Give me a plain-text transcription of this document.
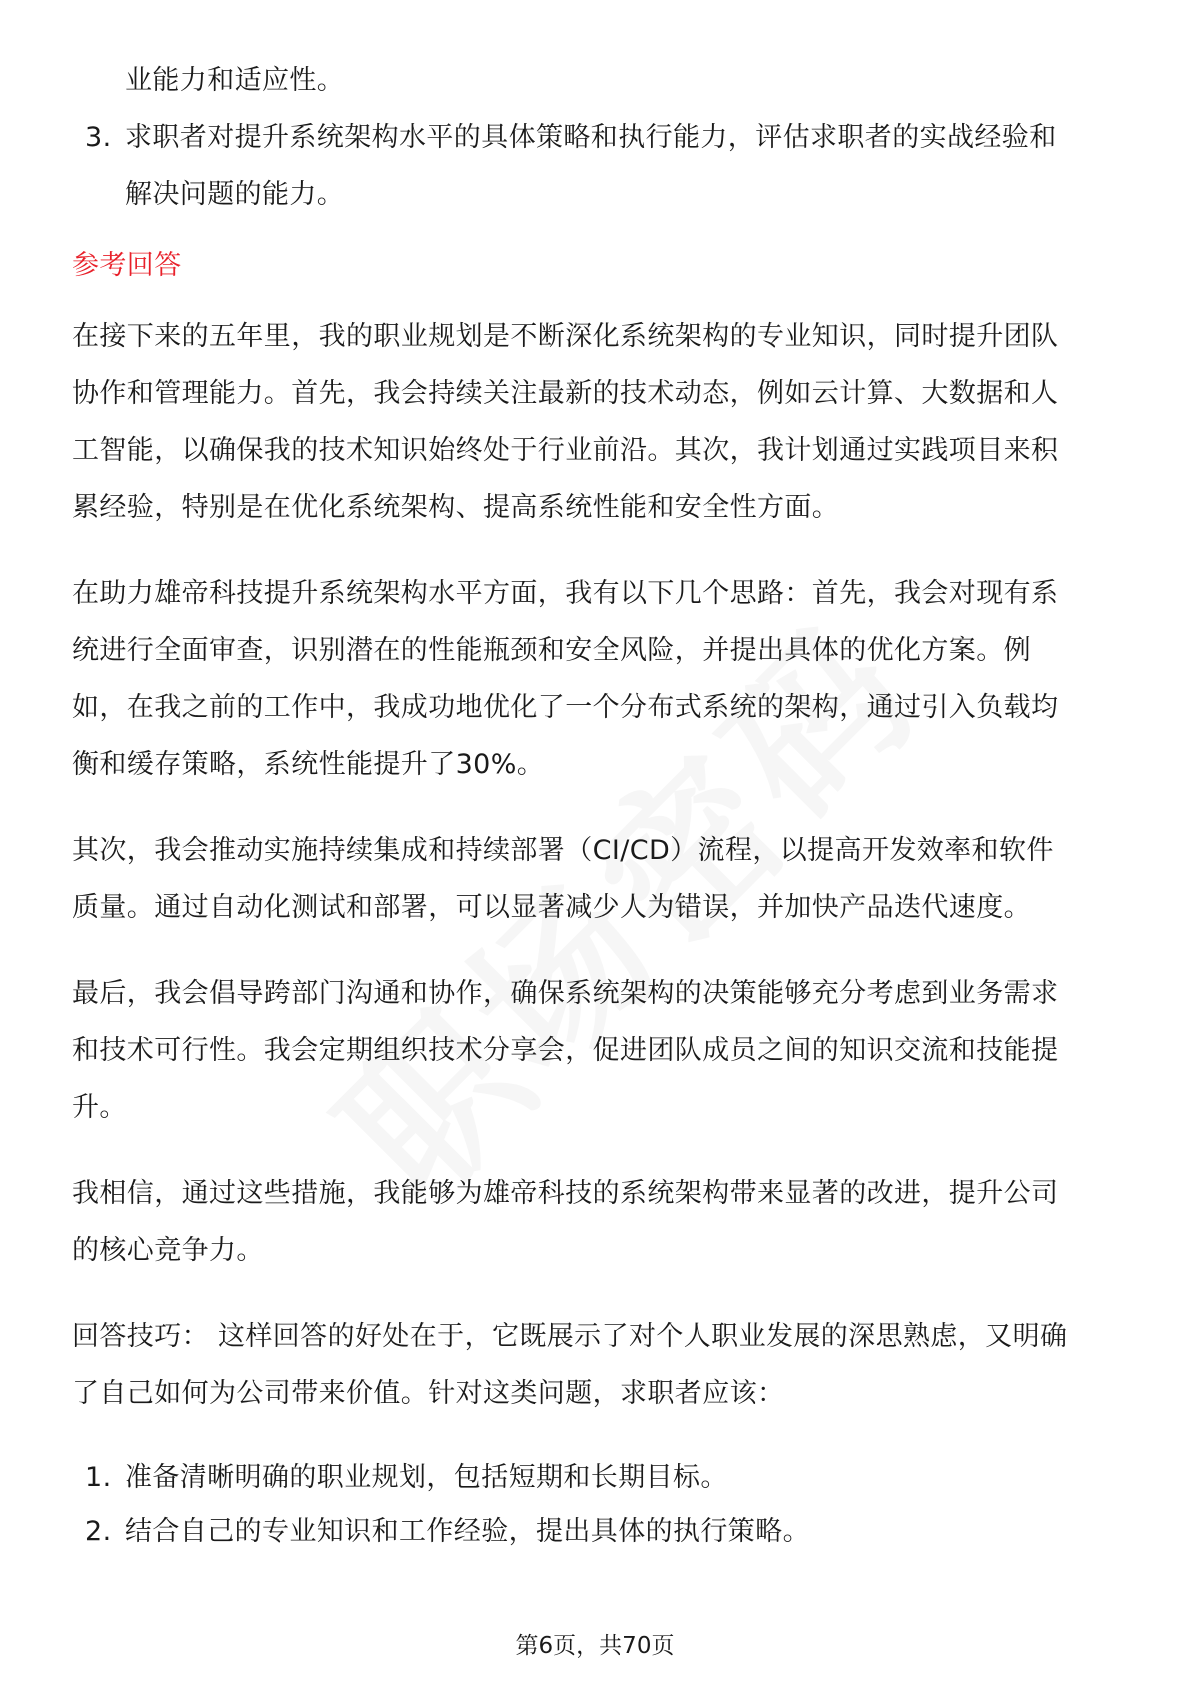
业能力和适应性。
3. 求职者对提升系统架构水平的具体策略和执行能力，评估求职者的实战经验和
解决问题的能力。
参考回答
在接下来的五年里，我的职业规划是不断深化系统架构的专业知识，同时提升团队
协作和管理能力。首先，我会持续关注最新的技术动态，例如云计算、大数据和人
工智能，以确保我的技术知识始终处于行业前沿。其次，我计划通过实践项目来积
累经验，特别是在优化系统架构、提高系统性能和安全性方面。
在助力雄帝科技提升系统架构水平方面，我有以下几个思路：首先，我会对现有系
统进行全面审查，识别潜在的性能瓶颈和安全风险，并提出具体的优化方案。例
如，在我之前的工作中，我成功地优化了一个分布式系统的架构，通过引入负载均
衡和缓存策略，系统性能提升了30%。
其次，我会推动实施持续集成和持续部署（CI/CD）流程，以提高开发效率和软件
质量。通过自动化测试和部署，可以显著减少人为错误，并加快产品迭代速度。
最后，我会倡导跨部门沟通和协作，确保系统架构的决策能够充分考虑到业务需求
和技术可行性。我会定期组织技术分享会，促进团队成员之间的知识交流和技能提
升。
我相信，通过这些措施，我能够为雄帝科技的系统架构带来显著的改进，提升公司
的核心竞争力。
回答技巧： 这样回答的好处在于，它既展示了对个人职业发展的深思熟虑，又明确
了自己如何为公司带来价值。针对这类问题，求职者应该：
1. 准备清晰明确的职业规划，包括短期和长期目标。
2. 结合自己的专业知识和工作经验，提出具体的执行策略。
第6页，共70页
